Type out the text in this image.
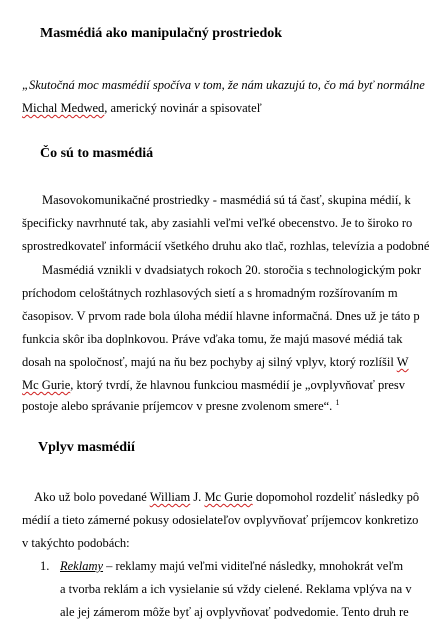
Masmédiá ako manipulačný prostriedok
„Skutočná moc masmédií spočíva v tom, že nám ukazujú to, čo má byť normálne
Michal Medwed, americký novinár a spisovateľ
Čo sú to masmédiá
Masovokomunikačné prostriedky - masmédiá sú tá časť, skupina médií, k
špecificky navrhnuté tak, aby zasiahli veľmi veľké obecenstvo. Je to široko ro
sprostredkovateľ informácií všetkého druhu ako tlač, rozhlas, televízia a podobné
Masmédiá vznikli v dvadsiatych rokoch 20. storočia s technologickým pokr
príchodom celoštátnych rozhlasových sietí a s hromadným rozšírovaním m
časopisov. V prvom rade bola úloha médií hlavne informačná. Dnes už je táto p
funkcia skôr iba doplnkovou. Práve vďaka tomu, že majú masové médiá tak
dosah na spoločnosť, majú na ňu bez pochyby aj silný vplyv, ktorý rozlíšil W
Mc Gurie, ktorý tvrdí, že hlavnou funkciou masmédií je „ovplyvňovať presv
postoje alebo správanie príjemcov v presne zvolenom smere“. $^1$
Vplyv masmédií
Ako už bolo povedané William J. Mc Gurie dopomohol rozdeliť následky pô
médií a tieto zámerné pokusy odosielateľov ovplyvňovať príjemcov konkretizo
v takýchto podobách:
1. Reklamy – reklamy majú veľmi viditeľné následky, mnohokrát veľm
a tvorba reklám a ich vysielanie sú vždy cielené. Reklama vplýva na v
ale jej zámerom môže byť aj ovplyvňovať podvedomie. Tento druh re
